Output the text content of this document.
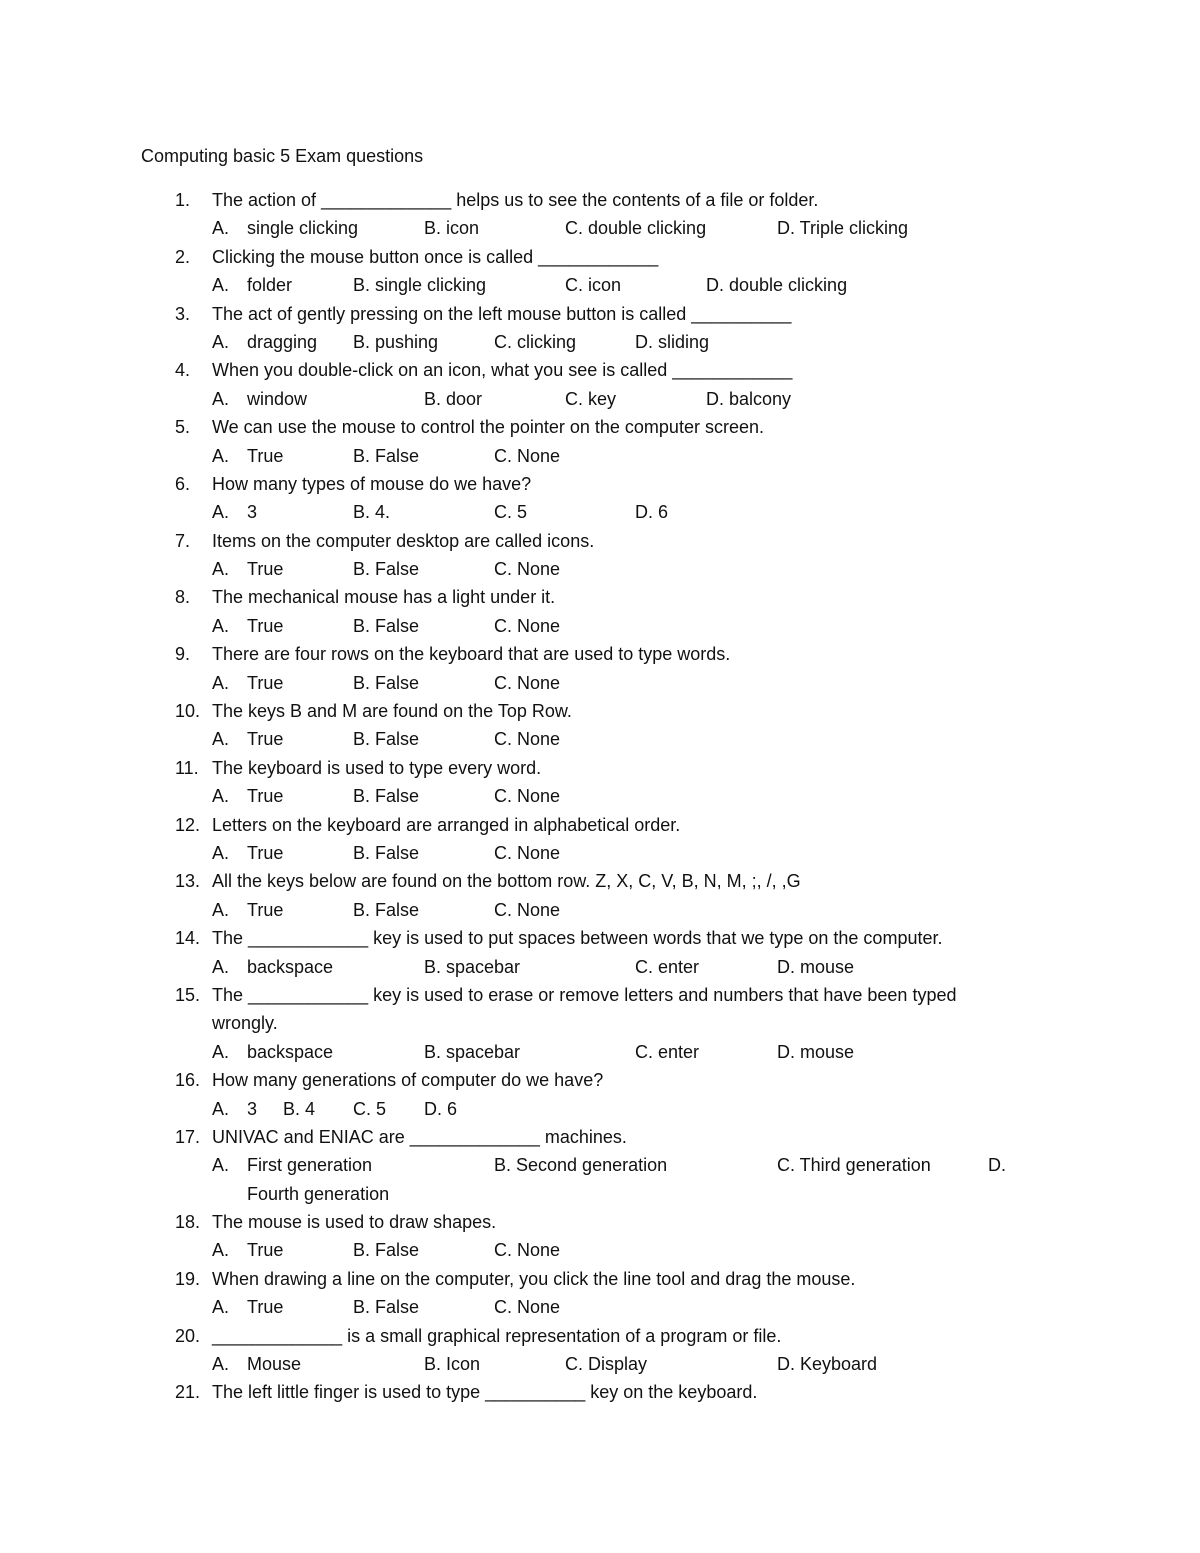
Computing basic 5 Exam questions
1. The action of _____________ helps us to see the contents of a file or folder.
A. single clicking	B. icon	C. double clicking	D. Triple clicking
2. Clicking the mouse button once is called ____________
A. folder	B. single clicking	C. icon	D. double clicking
3. The act of gently pressing on the left mouse button is called __________
A. dragging B. pushing	C. clicking	D. sliding
4. When you double-click on an icon, what you see is called ____________
A. window	B. door	C. key	D. balcony
5. We can use the mouse to control the pointer on the computer screen.
A. True	B. False	C. None
6. How many types of mouse do we have?
A. 3	B. 4.	C. 5	D. 6
7. Items on the computer desktop are called icons.
A. True	B. False	C. None
8. The mechanical mouse has a light under it.
A. True	B. False	C. None
9. There are four rows on the keyboard that are used to type words.
A. True	B. False	C. None
10. The keys B and M are found on the Top Row.
A. True	B. False	C. None
11. The keyboard is used to type every word.
A. True	B. False	C. None
12. Letters on the keyboard are arranged in alphabetical order.
A. True	B. False	C. None
13. All the keys below are found on the bottom row. Z, X, C, V, B, N, M, ;, /, ,G
A. True	B. False	C. None
14. The ____________ key is used to put spaces between words that we type on the computer.
A. backspace	B. spacebar	C. enter	D. mouse
15. The ____________ key is used to erase or remove letters and numbers that have been typed
wrongly.
A. backspace	B. spacebar	C. enter	D. mouse
16. How many generations of computer do we have?
A. 3 B. 4 C. 5 D. 6
17. UNIVAC and ENIAC are _____________ machines.
A. First generation	B. Second generation	C. Third generation	D.
Fourth generation
18. The mouse is used to draw shapes.
A. True	B. False	C. None
19. When drawing a line on the computer, you click the line tool and drag the mouse.
A. True	B. False	C. None
20. _____________ is a small graphical representation of a program or file.
A. Mouse	B. Icon	C. Display	D. Keyboard
21. The left little finger is used to type __________ key on the keyboard.
